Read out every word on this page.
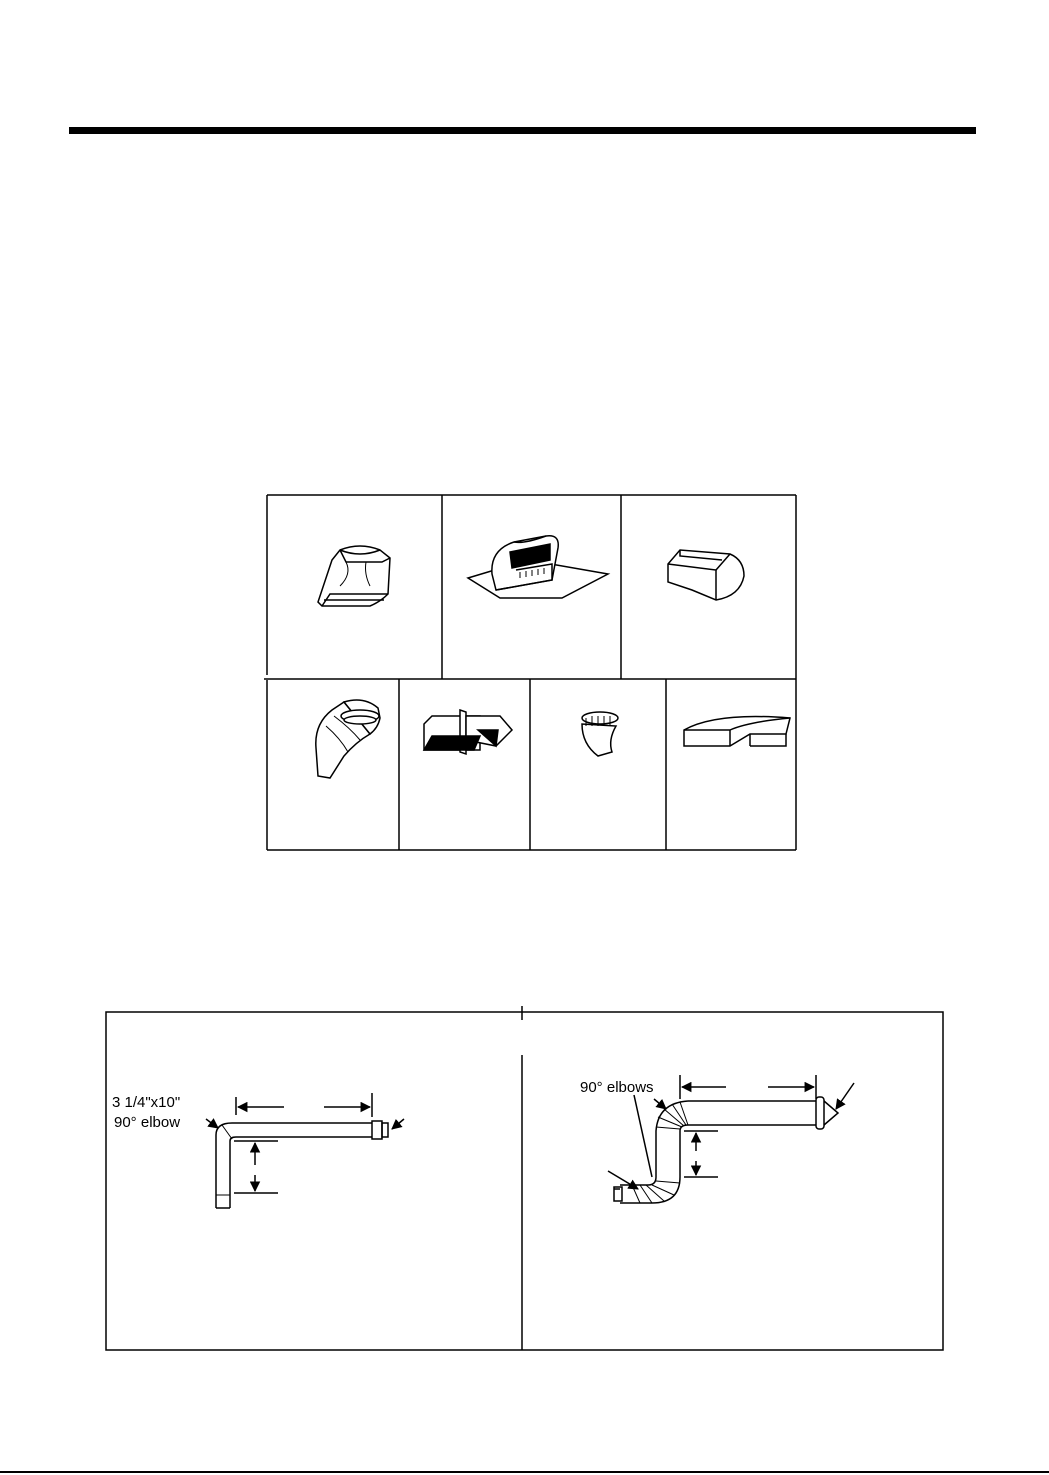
3 1/4"x10"
90° elbow
90° elbows
